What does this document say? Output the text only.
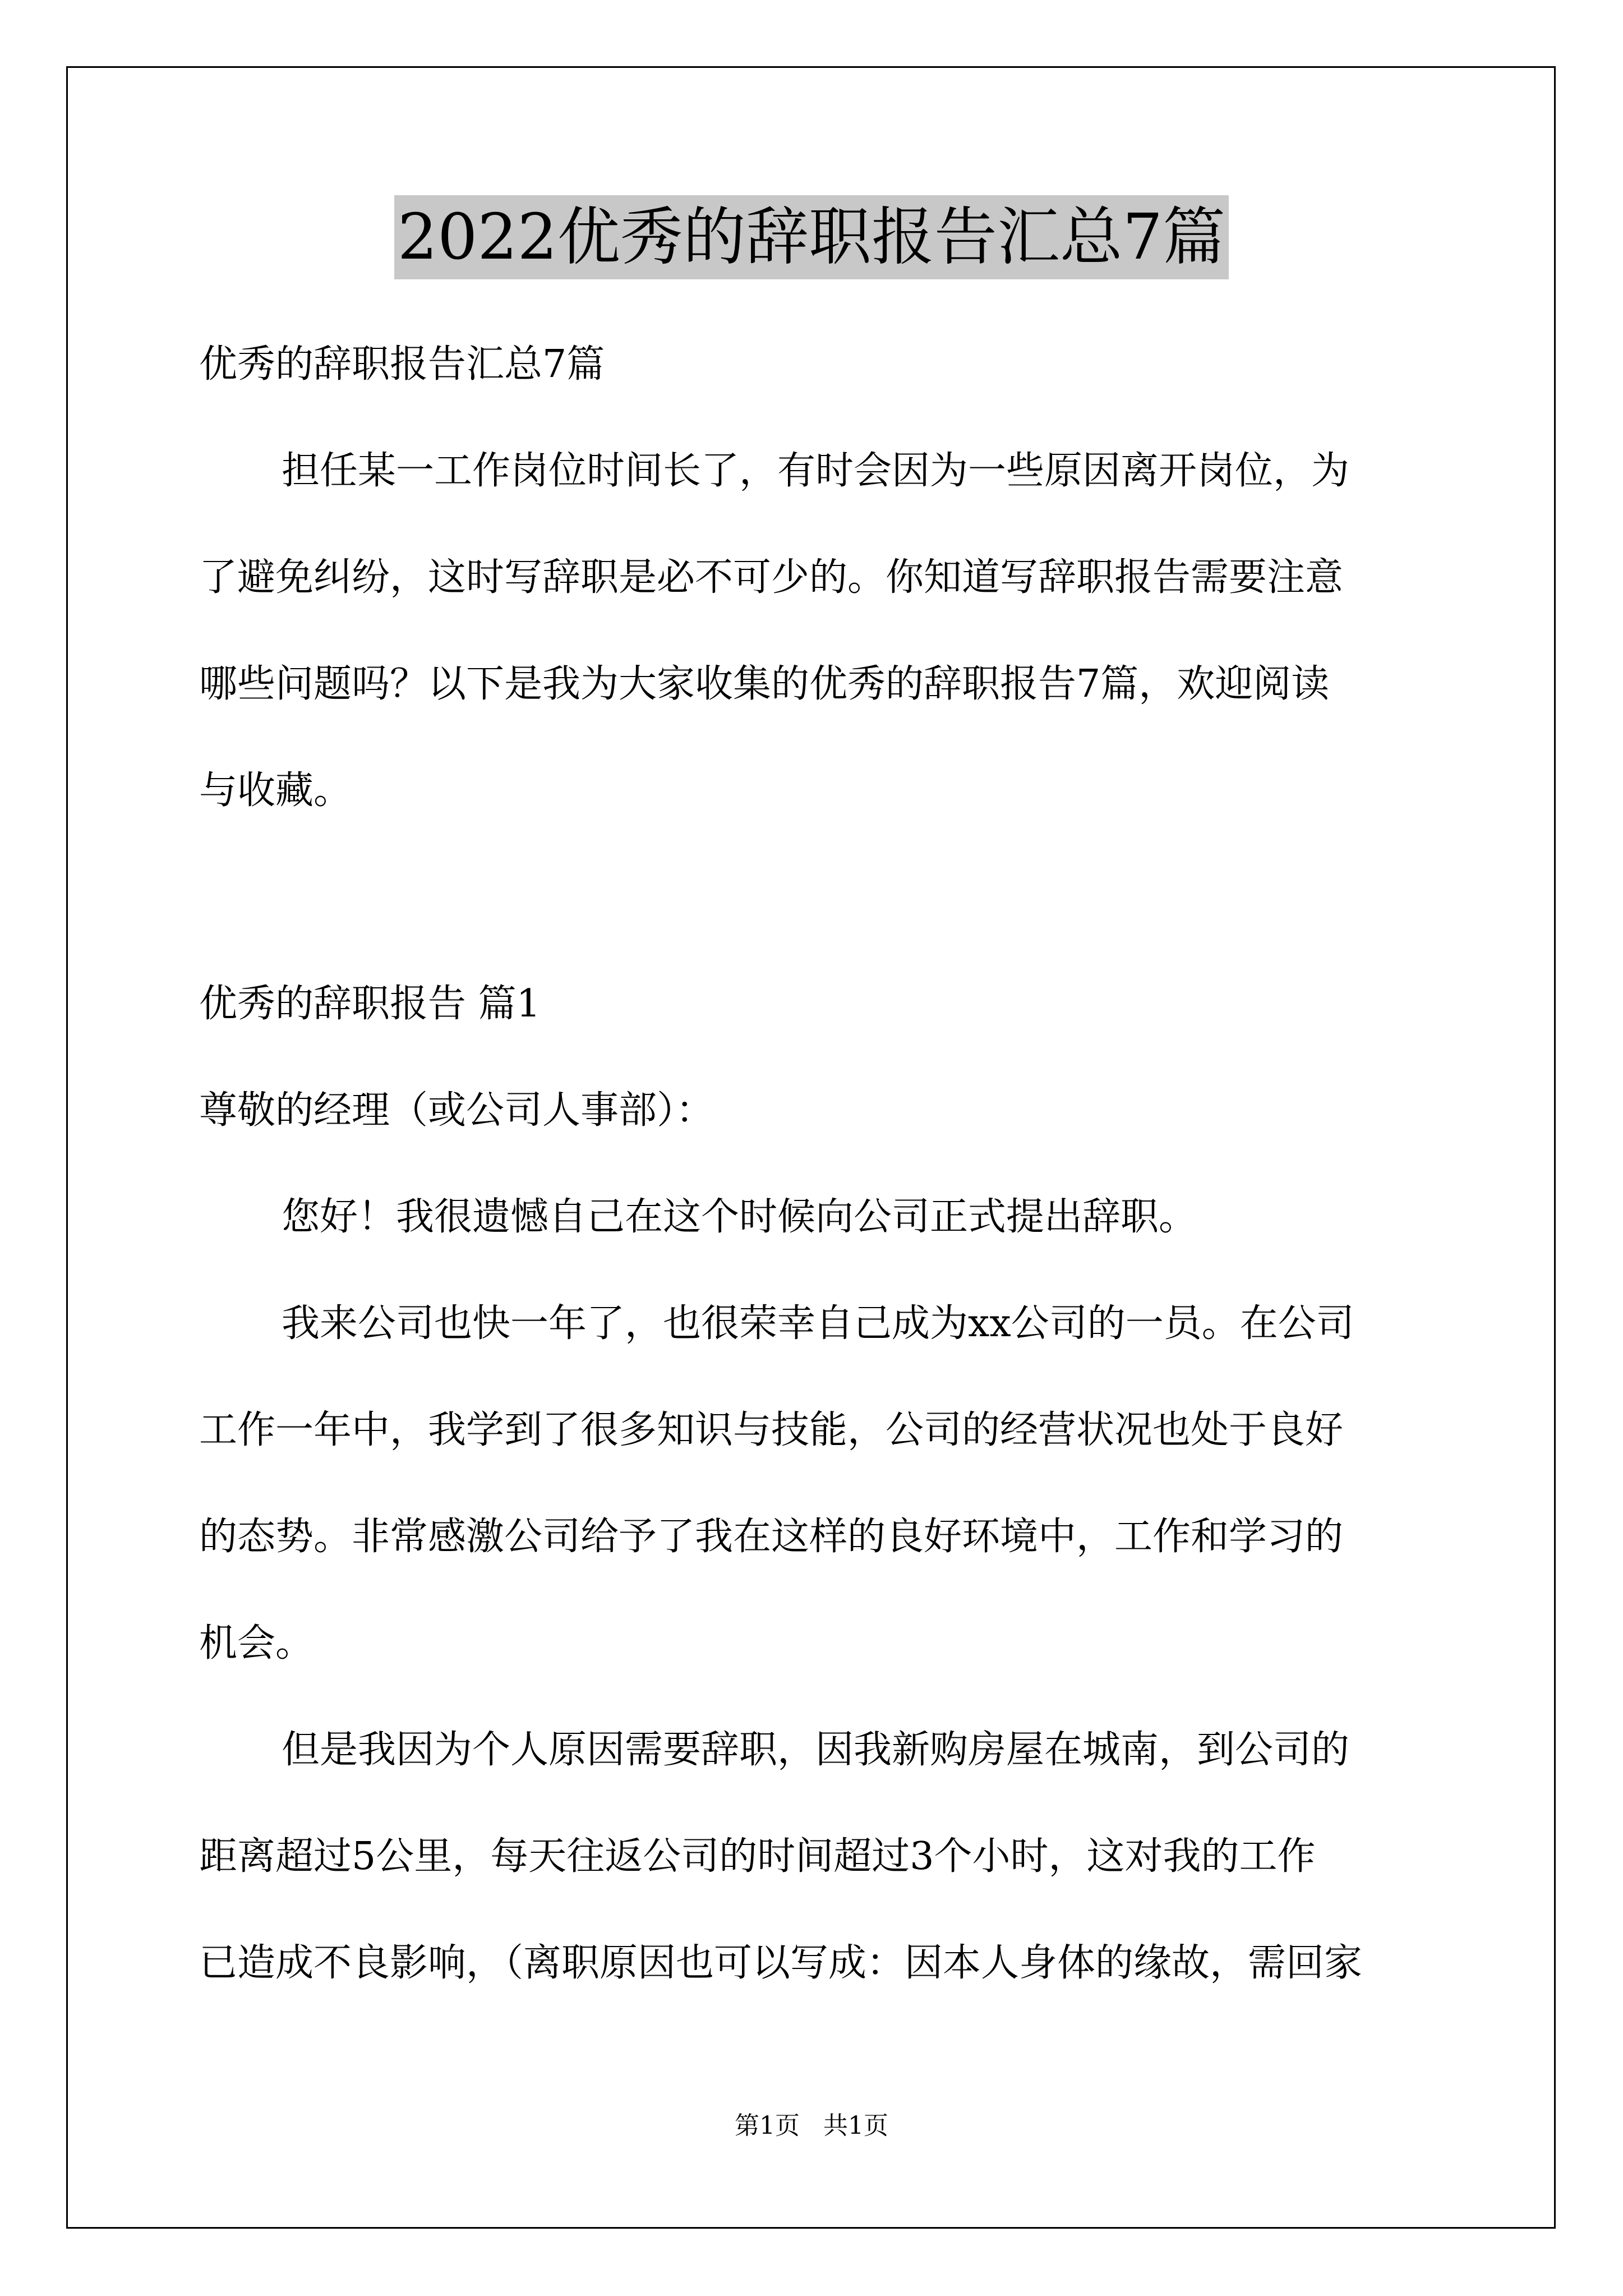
2022优秀的辞职报告汇总7篇

优秀的辞职报告汇总7篇

担任某一工作岗位时间长了，有时会因为一些原因离开岗位，为

了避免纠纷，这时写辞职是必不可少的。你知道写辞职报告需要注意

哪些问题吗？以下是我为大家收集的优秀的辞职报告7篇，欢迎阅读

与收藏。

优秀的辞职报告 篇1

尊敬的经理（或公司人事部）：

您好！我很遗憾自己在这个时候向公司正式提出辞职。

我来公司也快一年了，也很荣幸自己成为xx公司的一员。在公司

工作一年中，我学到了很多知识与技能，公司的经营状况也处于良好

的态势。非常感激公司给予了我在这样的良好环境中，工作和学习的

机会。

但是我因为个人原因需要辞职，因我新购房屋在城南，到公司的

距离超过5公里，每天往返公司的时间超过3个小时，这对我的工作

已造成不良影响，（离职原因也可以写成：因本人身体的缘故，需回家

第1页   共1页
